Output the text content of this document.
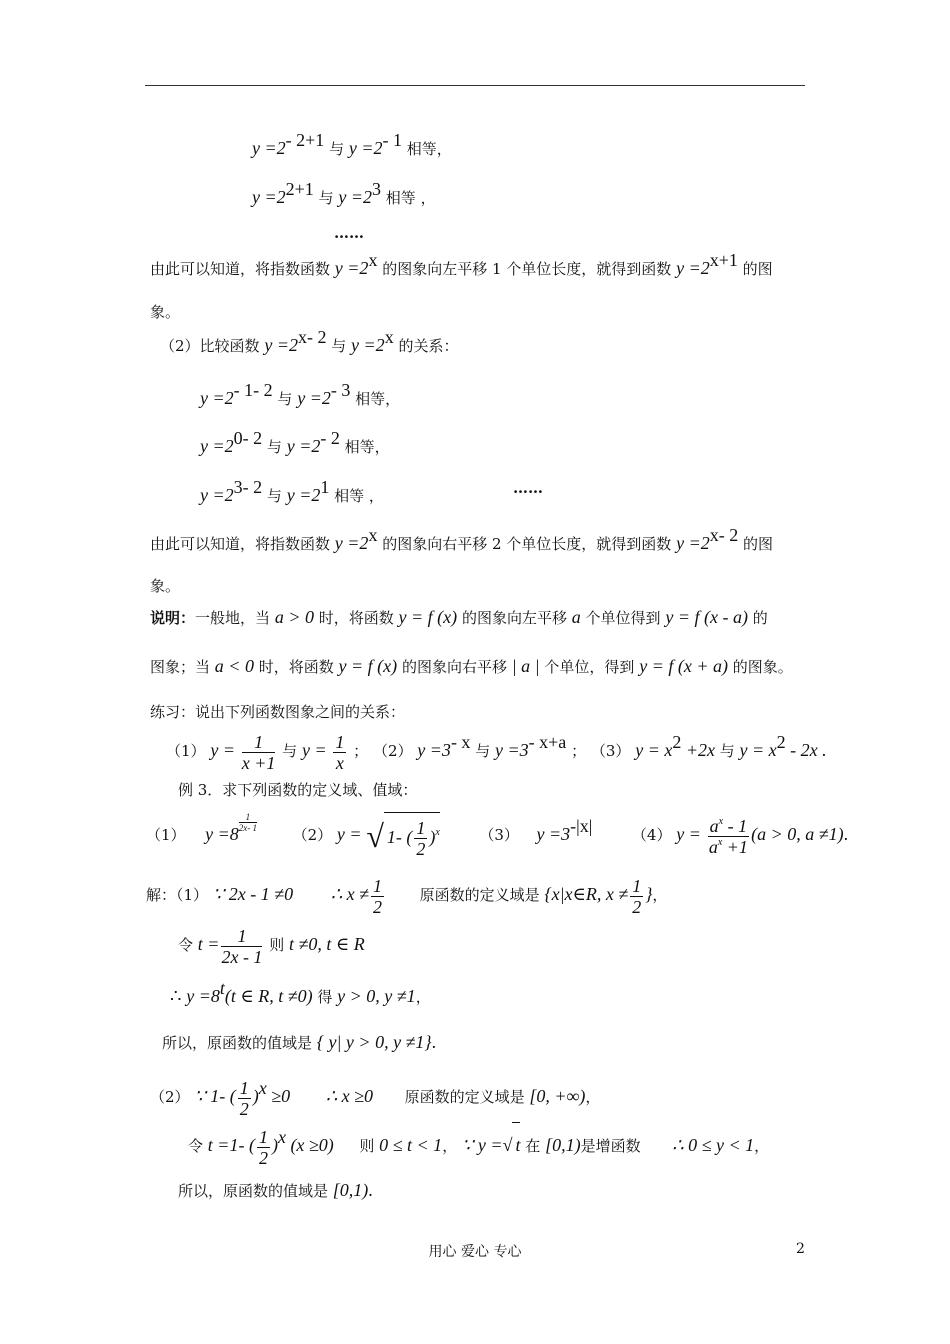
$y =2^{- 2+1}$ 与 $y =2^{- 1}$ 相等，
$y =2^{2+1}$ 与 $y =2^3$ 相等 ，
……
由此可以知道，将指数函数 $y =2^x$ 的图象向左平移 1 个单位长度，就得到函数 $y =2^{x+1}$ 的图
象。
（2）比较函数 $y =2^{x- 2}$ 与 $y =2^x$ 的关系：
$y =2^{- 1- 2}$ 与 $y =2^{- 3}$ 相等，
$y =2^{0- 2}$ 与 $y =2^{- 2}$ 相等，
$y =2^{3- 2}$ 与 $y =2^1$ 相等 ，	……
由此可以知道，将指数函数 $y =2^x$ 的图象向右平移 2 个单位长度，就得到函数 $y =2^{x- 2}$ 的图
象。
说明：一般地，当 a > 0 时，将函数 y = f (x) 的图象向左平移 a 个单位得到 y = f (x - a) 的
图象；当 a < 0 时，将函数 y = f (x) 的图象向右平移 | a | 个单位，得到 y = f (x + a) 的图象。
练习：说出下列函数图象之间的关系：
（1） $y = \frac{1}{x +1}$ 与 $y = \frac{1}{x}$ ； （2） $y =3^{- x}$ 与 $y =3^{- x+a}$ ； （3） $y = x^2 +2x$ 与 $y = x^2 - 2x$ .
例 3．求下列函数的定义域、值域：
（1） y =8
$\frac{1}{2x- 1}$
（2） y = √ 1- ( $\frac{1}{2} )^x$	（3） $y =3^{-|x|}$	（4） $y = \frac{a^x - 1}{a^x +1} (a > 0$, a ≠1).
解：（1） ∵ 2x - 1 ≠0 ∴ $x \ne \frac{1}{2}$ 原函数的定义域是 {x|x∈R, $x \ne \frac{1}{2}$ }，
令 $t = \frac{1}{2x - 1}$ 则 t ≠0, t ∈ R
∴ $y =8^t(t$ ∈ R, t ≠0) 得 y > 0, y ≠1，
所以，原函数的值域是 { y| y > 0, y ≠1}.
（2） ∵ 1- ( $\frac{1}{2} )^x \ge 0$ ∴ x ≥0 原函数的定义域是 [0, +∞)，
令 t =1- ( $\frac{1}{2} )^x$ (x ≥0) 则 0 ≤ t < 1， ∵ y =√ t 在 [0,1)是增函数 ∴ 0 ≤ y < 1，
所以，原函数的值域是 [0,1).
用心 爱心 专心	2
